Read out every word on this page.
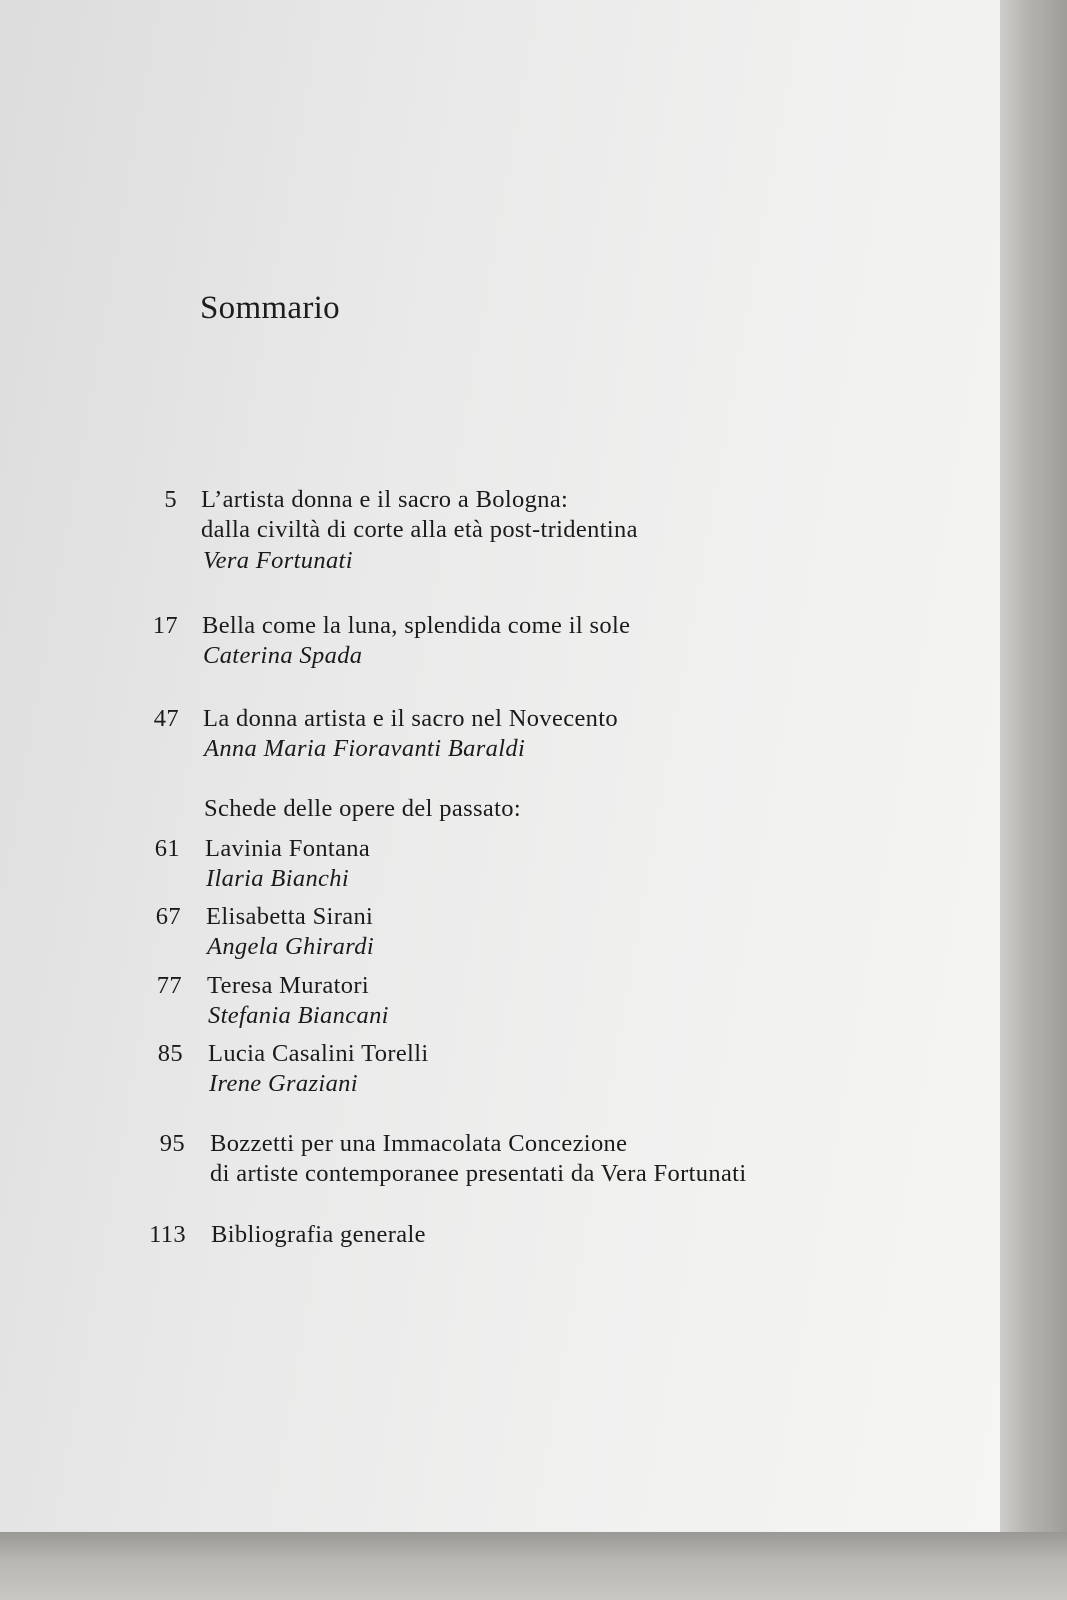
Sommario
5 L’artista donna e il sacro a Bologna:
dalla civiltà di corte alla età post-tridentina
Vera Fortunati
17 Bella come la luna, splendida come il sole
Caterina Spada
47 La donna artista e il sacro nel Novecento
Anna Maria Fioravanti Baraldi
Schede delle opere del passato:
61 Lavinia Fontana
Ilaria Bianchi
67 Elisabetta Sirani
Angela Ghirardi
77 Teresa Muratori
Stefania Biancani
85 Lucia Casalini Torelli
Irene Graziani
95 Bozzetti per una Immacolata Concezione
di artiste contemporanee presentati da Vera Fortunati
113 Bibliografia generale
